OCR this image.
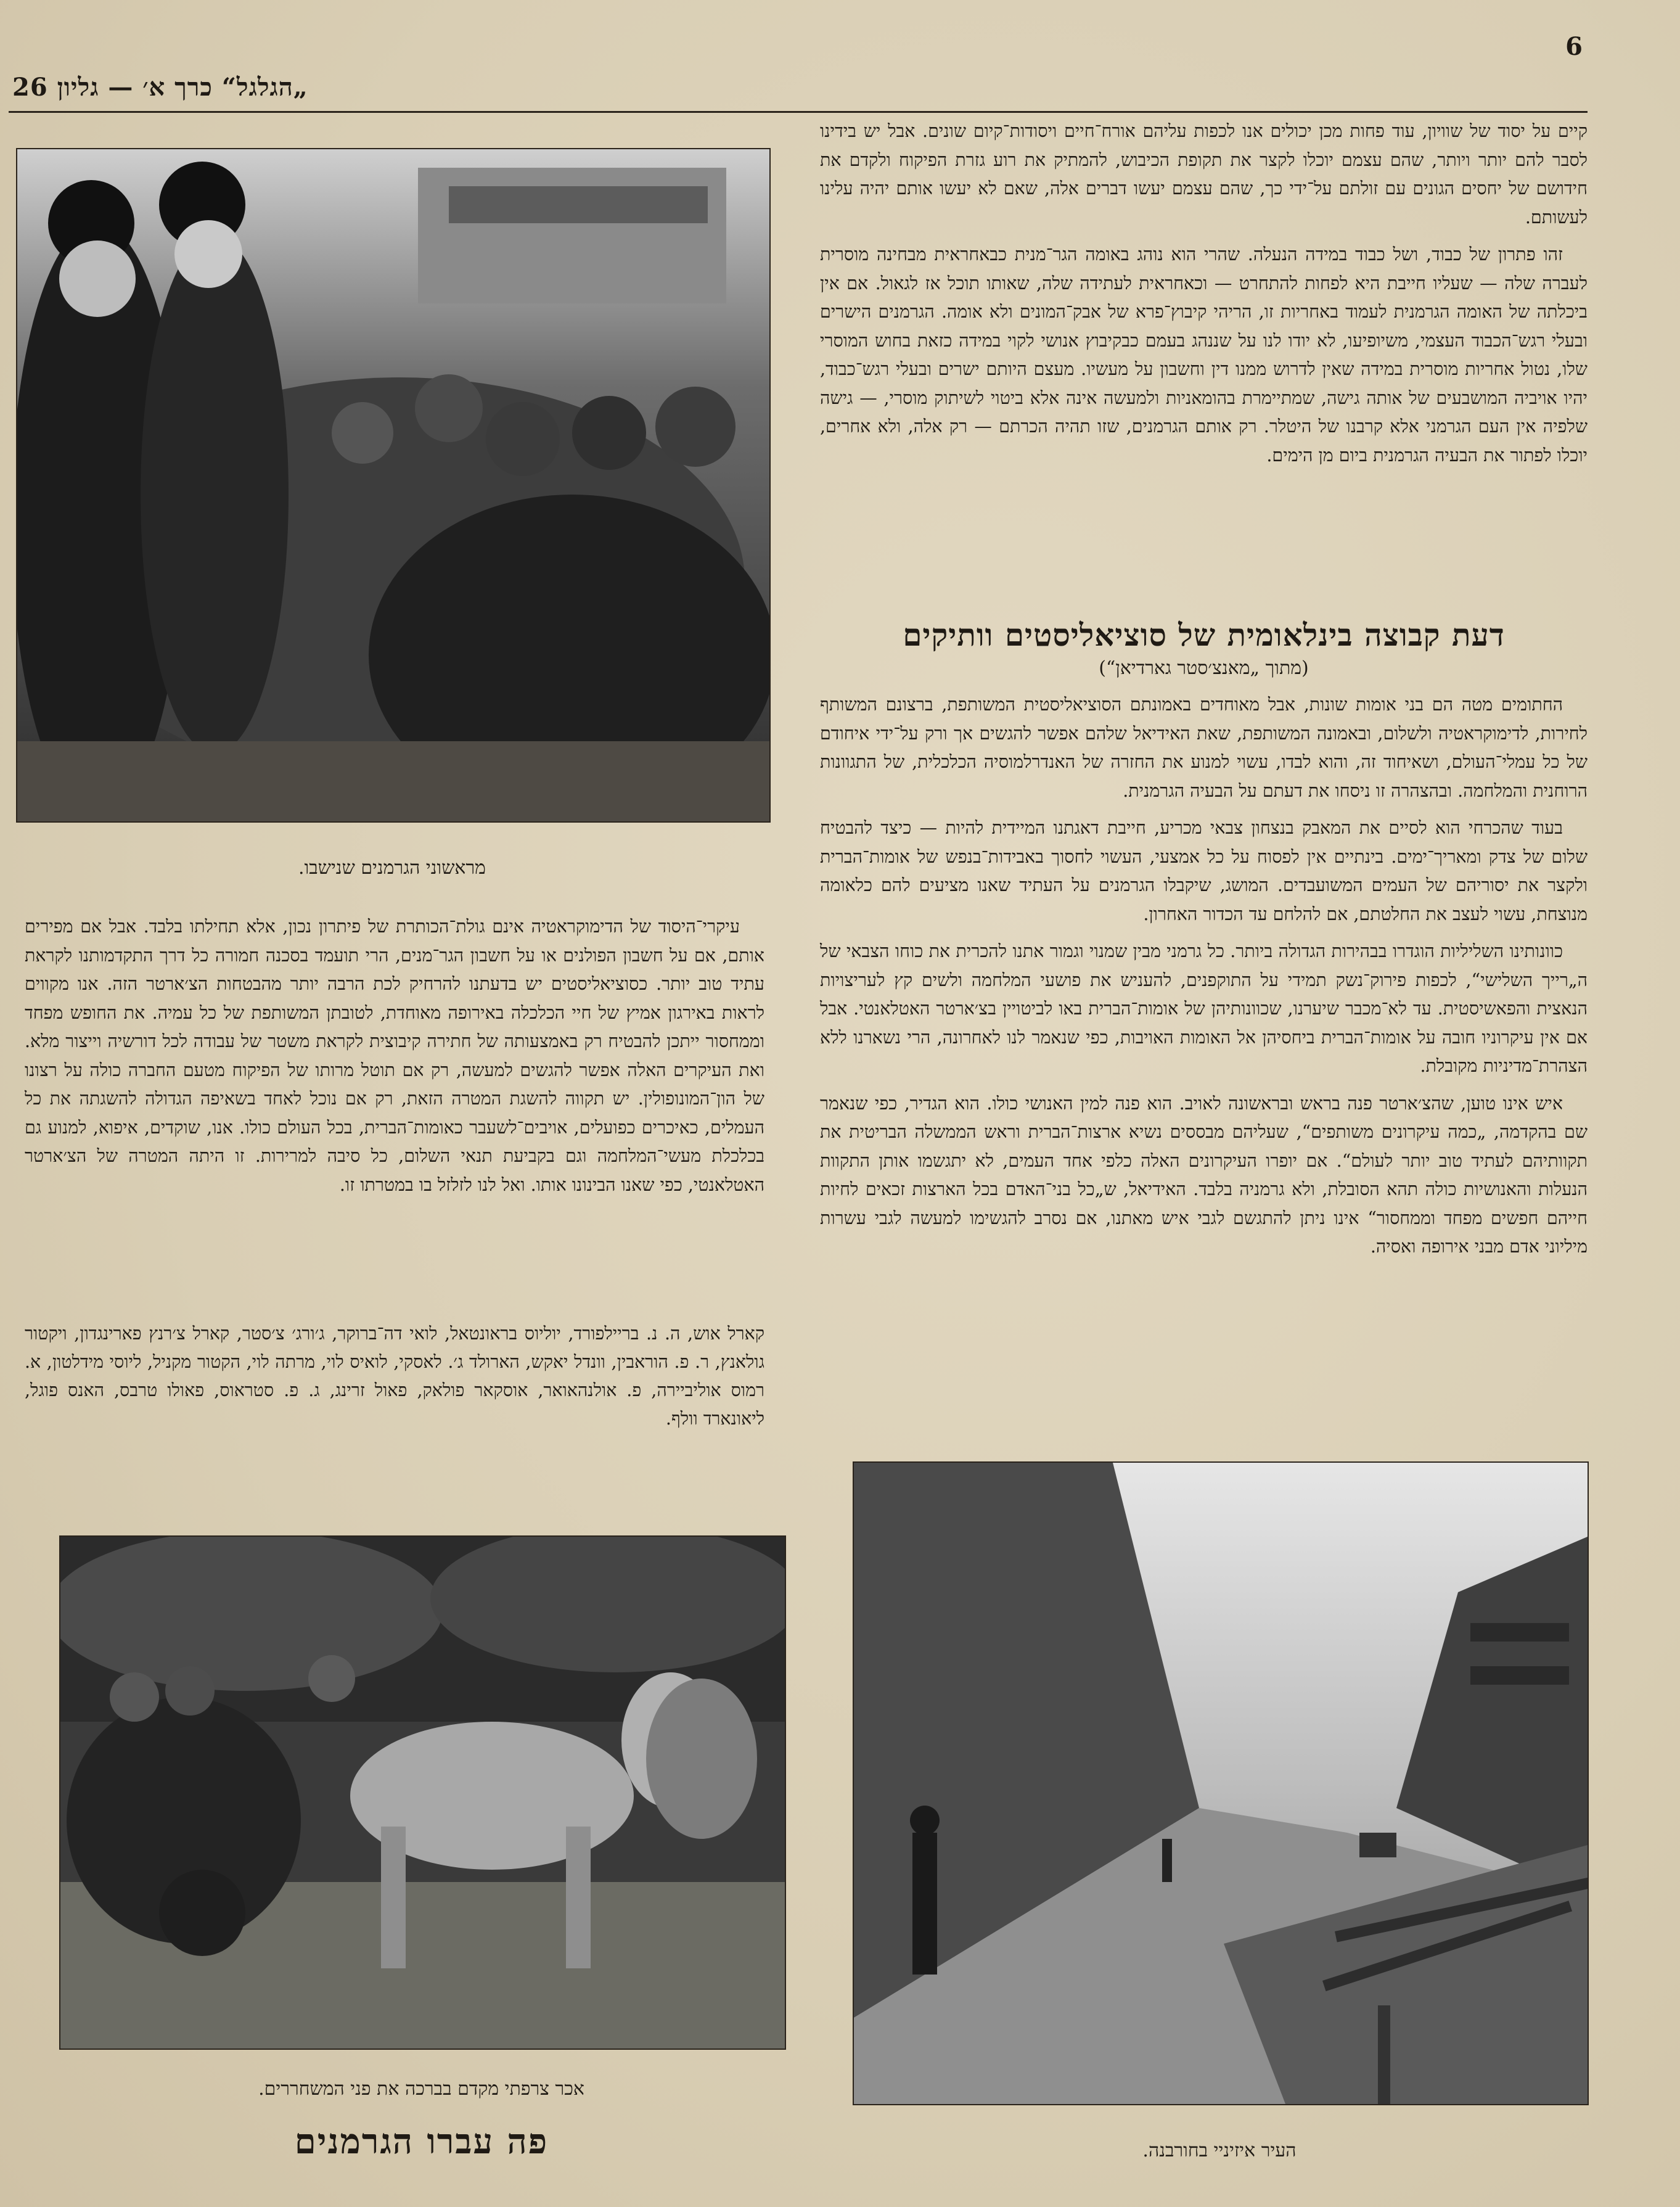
6
„הגלגל“ כרך א׳ — גליון 26

קיים על יסוד של שוויון, עוד פחות מכן יכולים אנו לכפות עליהם אורח־חיים ויסודות־קיום שונים. אבל יש בידינו לסבר להם יותר ויותר, שהם עצמם יוכלו לקצר את תקופת הכיבוש, להמתיק את רוע גזרת הפיקוח ולקדם את חידושם של יחסים הגונים עם זולתם על־ידי כך, שהם עצמם יעשו דברים אלה, שאם לא יעשו אותם יהיה עלינו לעשותם.

זהו פתרון של כבוד, ושל כבוד במידה הנעלה. שהרי הוא נוהג באומה הגר־מנית כבאחראית מבחינה מוסרית לעברה שלה — שעליו חייבת היא לפחות להתחרט — וכאחראית לעתידה שלה, שאותו תוכל אז לגאול. אם אין ביכלתה של האומה הגרמנית לעמוד באחריות זו, הריהי קיבוץ־פרא של אבק־המונים ולא אומה. הגרמנים הישרים ובעלי רגש־הכבוד העצמי, משיופיעו, לא יודו לנו על שננהג בעמם כבקיבוץ אנושי לקוי במידה כזאת בחוש המוסרי שלו, נטול אחריות מוסרית במידה שאין לדרוש ממנו דין וחשבון על מעשיו. מעצם היותם ישרים ובעלי רגש־כבוד, יהיו אויביה המושבעים של אותה גישה, שמתיימרת בהומאניות ולמעשה אינה אלא ביטוי לשיתוק מוסרי, — גישה שלפיה אין העם הגרמני אלא קרבנו של היטלר. רק אותם הגרמנים, שזו תהיה הכרתם — רק אלה, ולא אחרים, יוכלו לפתור את הבעיה הגרמנית ביום מן הימים.

דעת קבוצה בינלאומית של סוציאליסטים וותיקים
(מתוך „מאנצ׳סטר גארדיאן“)

החתומים מטה הם בני אומות שונות, אבל מאוחדים באמונתם הסוציאליסטית המשותפת, ברצונם המשותף לחירות, לדימוקראטיה ולשלום, ובאמונה המשותפת, שאת האידיאל שלהם אפשר להגשים אך ורק על־ידי איחודם של כל עמלי־העולם, ושאיחוד זה, והוא לבדו, עשוי למנוע את החזרה של האנדרלמוסיה הכלכלית, של התגוונות הרוחנית והמלחמה. ובהצהרה זו ניסחו את דעתם על הבעיה הגרמנית.

בעוד שהכרחי הוא לסיים את המאבק בנצחון צבאי מכריע, חייבת דאגתנו המיידית להיות — כיצד להבטיח שלום של צדק ומאריך־ימים. בינתיים אין לפסוח על כל אמצעי, העשוי לחסוך באבידות־בנפש של אומות־הברית ולקצר את יסוריהם של העמים המשועבדים. המושג, שיקבלו הגרמנים על העתיד שאנו מציעים להם כלאומה מנוצחת, עשוי לעצב את החלטתם, אם להלחם עד הכדור האחרון.

כוונותינו השליליות הוגדרו בבהירות הגדולה ביותר. כל גרמני מבין שמנוי וגמור אתנו להכרית את כוחו הצבאי של ה„רייך השלישי“, לכפות פירוק־נשק תמידי על התוקפנים, להעניש את פושעי המלחמה ולשים קץ לעריצויות הנאצית והפאשיסטית. עד לא־מכבר שיערנו, שכוונותיהן של אומות־הברית באו לביטויין בצ׳ארטר האטלאנטי. אבל אם אין עיקרוניו חובה על אומות־הברית ביחסיהן אל האומות האויבות, כפי שנאמר לנו לאחרונה, הרי נשארנו ללא הצהרת־מדיניות מקובלת.

איש אינו טוען, שהצ׳ארטר פנה בראש ובראשונה לאויב. הוא פנה למין האנושי כולו. הוא הגדיר, כפי שנאמר שם בהקדמה, „כמה עיקרונים משותפים“, שעליהם מבססים נשיא ארצות־הברית וראש הממשלה הבריטית את תקוותיהם לעתיד טוב יותר לעולם“. אם יופרו העיקרונים האלה כלפי אחד העמים, לא יתגשמו אותן התקוות הנעלות והאנושיות כולה תהא הסובלת, ולא גרמניה בלבד. האידיאל, ש„כל בני־האדם בכל הארצות זכאים לחיות חייהם חפשים מפחד וממחסור“ אינו ניתן להתגשם לגבי איש מאתנו, אם נסרב להגשימו למעשה לגבי עשרות מיליוני אדם מבני אירופה ואסיה.

מראשוני הגרמנים שנישבו.

עיקרי־היסוד של הדימוקראטיה אינם גולת־הכותרת של פיתרון נכון, אלא תחילתו בלבד. אבל אם מפירים אותם, אם על חשבון הפולנים או על חשבון הגר־מנים, הרי תועמד בסכנה חמורה כל דרך התקדמותנו לקראת עתיד טוב יותר. כסוציאליסטים יש בדעתנו להרחיק לכת הרבה יותר מהבטחות הצ׳ארטר הזה. אנו מקווים לראות באירגון אמיץ של חיי הכלכלה באירופה מאוחדת, לטובתן המשותפת של כל עמיה. את החופש מפחד וממחסור ייתכן להבטיח רק באמצעותה של חתירה קיבוצית לקראת משטר של עבודה לכל דורשיה וייצור מלא. ואת העיקרים האלה אפשר להגשים למעשה, רק אם תוטל מרותו של הפיקוח מטעם החברה כולה על רצונו של הון־המונופולין. יש תקווה להשגת המטרה הזאת, רק אם נוכל לאחד בשאיפה הגדולה להשגתה את כל העמלים, כאיכרים כפועלים, אויבים־לשעבר כאומות־הברית, בכל העולם כולו. אנו, שוקדים, איפוא, למנוע גם בכלכלת מעשי־המלחמה וגם בקביעת תנאי השלום, כל סיבה למרירות. זו היתה המטרה של הצ׳ארטר האטלאנטי, כפי שאנו הבינונו אותו. ואל לנו לזלזל בו במטרתו זו.

קארל אוש, ה. נ. ברייל‏פורד, יוליוס בראונטאל, לואי דה־ברוקר, ג׳ורג׳ צ׳סטר, קארל צ׳רנץ פארינגדון, ויקטור גולאנץ, ר. פ. הוראבין, וונדל יאקש, הארולד ג׳. לאסקי, לואיס לוי, מרתה לוי, הקטור מקניל, ליוסי מידלטון, א. רמוס אוליביירה, פ. אולנהאואר, אוסקאר פולאק, פאול זרינג, ג. פ. סטראוס, פאולו טרבס, האנס פוגל, ליאונארד וולף.
אכר צרפתי מקדם בברכה את פני המשחררים.
העיר איזיניי בחורבנה.
פה עברו הגרמנים
